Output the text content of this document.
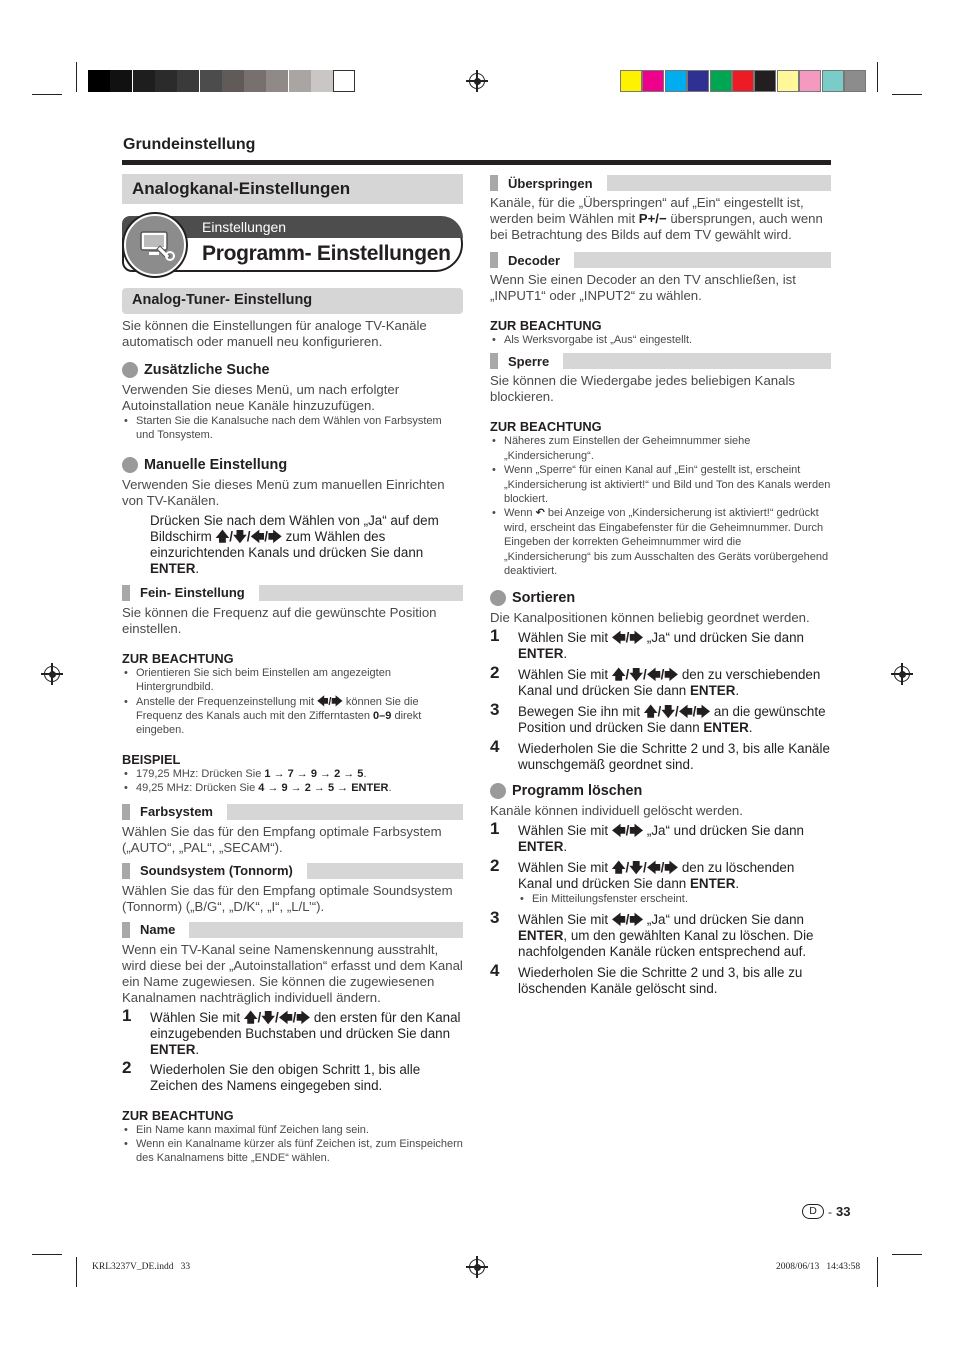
Grundeinstellung
Analogkanal-Einstellungen
Einstellungen
Programm- Einstellungen
Analog-Tuner- Einstellung

Sie können die Einstellungen für analoge TV-Kanäle automatisch oder manuell neu konfigurieren.

Zusätzliche Suche

Verwenden Sie dieses Menü, um nach erfolgter Autoinstallation neue Kanäle hinzuzufügen.

• Starten Sie die Kanalsuche nach dem Wählen von Farbsystem und Tonsystem.
Manuelle Einstellung

Verwenden Sie dieses Menü zum manuellen Einrichten von TV-Kanälen.

Drücken Sie nach dem Wählen von „Ja“ auf dem Bildschirm 🡅/🡇/🡄/🡆 zum Wählen des einzurichtenden Kanals und drücken Sie dann ENTER.
Fein- Einstellung

Sie können die Frequenz auf die gewünschte Position einstellen.

ZUR BEACHTUNG
• Orientieren Sie sich beim Einstellen am angezeigten Hintergrundbild.
• Anstelle der Frequenzeinstellung mit 🡄/🡆 können Sie die Frequenz des Kanals auch mit den Zifferntasten 0–9 direkt eingeben.
BEISPIEL
• 179,25 MHz: Drücken Sie 1 → 7 → 9 → 2 → 5.
• 49,25 MHz: Drücken Sie 4 → 9 → 2 → 5 → ENTER.
Farbsystem

Wählen Sie das für den Empfang optimale Farbsystem („AUTO“, „PAL“, „SECAM“).

Soundsystem (Tonnorm)

Wählen Sie das für den Empfang optimale Soundsystem (Tonnorm) („B/G“, „D/K“, „I“, „L/L’“).

Name

Wenn ein TV-Kanal seine Namenskennung ausstrahlt, wird diese bei der „Autoinstallation“ erfasst und dem Kanal ein Name zugewiesen. Sie können die zugewiesenen Kanalnamen nachträglich individuell ändern.

1 Wählen Sie mit 🡅/🡇/🡄/🡆 den ersten für den Kanal einzugebenden Buchstaben und drücken Sie dann ENTER.
2 Wiederholen Sie den obigen Schritt 1, bis alle Zeichen des Namens eingegeben sind.
ZUR BEACHTUNG
• Ein Name kann maximal fünf Zeichen lang sein.
• Wenn ein Kanalname kürzer als fünf Zeichen ist, zum Einspeichern des Kanalnamens bitte „ENDE“ wählen.
Überspringen

Kanäle, für die „Überspringen“ auf „Ein“ eingestellt ist, werden beim Wählen mit P+/− übersprungen, auch wenn bei Betrachtung des Bilds auf dem TV gewählt wird.

Decoder

Wenn Sie einen Decoder an den TV anschließen, ist „INPUT1“ oder „INPUT2“ zu wählen.

ZUR BEACHTUNG
• Als Werksvorgabe ist „Aus“ eingestellt.
Sperre

Sie können die Wiedergabe jedes beliebigen Kanals blockieren.

ZUR BEACHTUNG
• Näheres zum Einstellen der Geheimnummer siehe „Kindersicherung“.
• Wenn „Sperre“ für einen Kanal auf „Ein“ gestellt ist, erscheint „Kindersicherung ist aktiviert!“ und Bild und Ton des Kanals werden blockiert.
• Wenn ↶ bei Anzeige von „Kindersicherung ist aktiviert!“ gedrückt wird, erscheint das Eingabefenster für die Geheimnummer. Durch Eingeben der korrekten Geheimnummer wird die „Kindersicherung“ bis zum Ausschalten des Geräts vorübergehend deaktiviert.
Sortieren

Die Kanalpositionen können beliebig geordnet werden.

1 Wählen Sie mit 🡄/🡆 „Ja“ und drücken Sie dann ENTER.
2 Wählen Sie mit 🡅/🡇/🡄/🡆 den zu verschiebenden Kanal und drücken Sie dann ENTER.
3 Bewegen Sie ihn mit 🡅/🡇/🡄/🡆 an die gewünschte Position und drücken Sie dann ENTER.
4 Wiederholen Sie die Schritte 2 und 3, bis alle Kanäle wunschgemäß geordnet sind.
Programm löschen

Kanäle können individuell gelöscht werden.

1 Wählen Sie mit 🡄/🡆 „Ja“ und drücken Sie dann ENTER.
2 Wählen Sie mit 🡅/🡇/🡄/🡆 den zu löschenden Kanal und drücken Sie dann ENTER.
• Ein Mitteilungsfenster erscheint.
3 Wählen Sie mit 🡄/🡆 „Ja“ und drücken Sie dann ENTER, um den gewählten Kanal zu löschen. Die nachfolgenden Kanäle rücken entsprechend auf.
4 Wiederholen Sie die Schritte 2 und 3, bis alle zu löschenden Kanäle gelöscht sind.
D - 33
KRL3237V_DE.indd   33	2008/06/13   14:43:58
